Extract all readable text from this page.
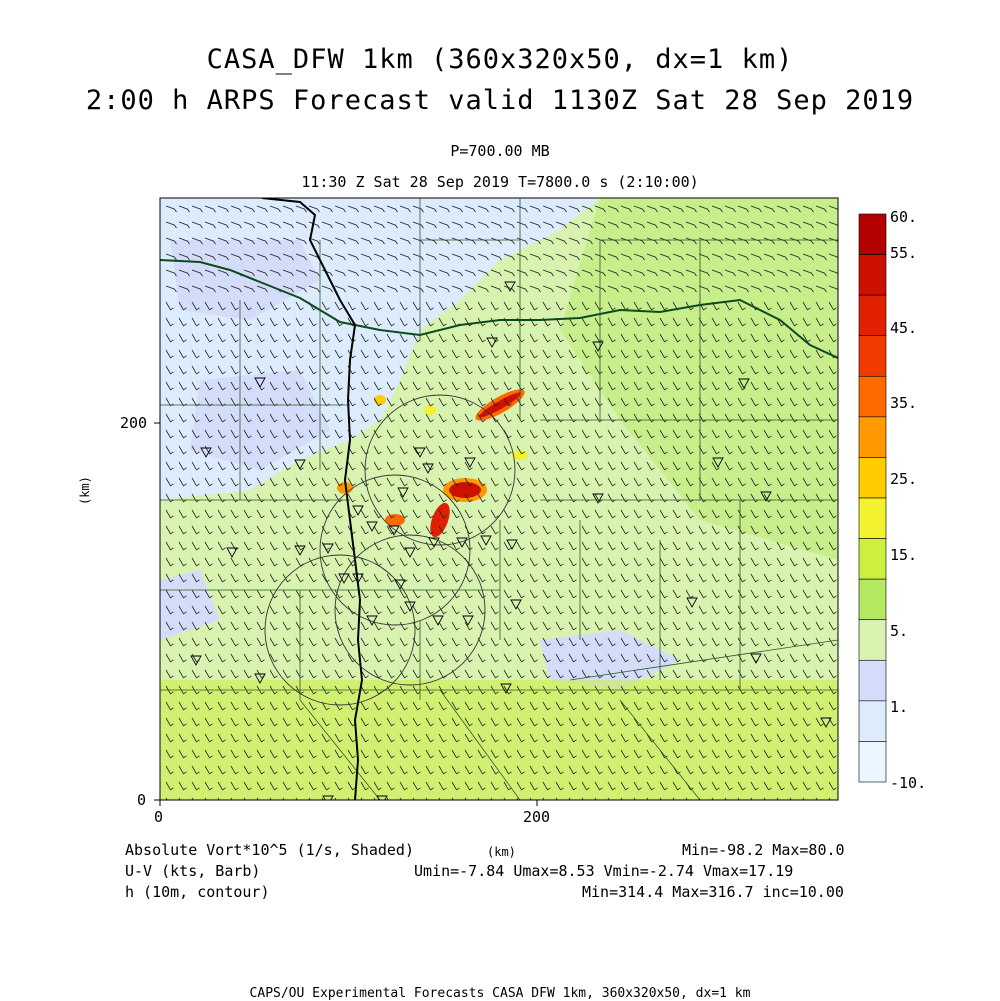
CASA_DFW 1km (360x320x50, dx=1 km)
2:00 h ARPS Forecast valid 1130Z Sat 28 Sep 2019
P=700.00 MB
11:30 Z Sat 28 Sep 2019 T=7800.0 s (2:10:00)
0	200
0
200
(km)
60.
55.
45.
35.
25.
15.
5.
1.
-10.
Absolute Vort*10^5 (1/s, Shaded)
U-V (kts, Barb)
h (10m, contour)
(km)	Min=-98.2 Max=80.0
Umin=-7.84 Umax=8.53 Vmin=-2.74 Vmax=17.19
Min=314.4 Max=316.7 inc=10.00
CAPS/OU Experimental Forecasts CASA DFW 1km, 360x320x50, dx=1 km
